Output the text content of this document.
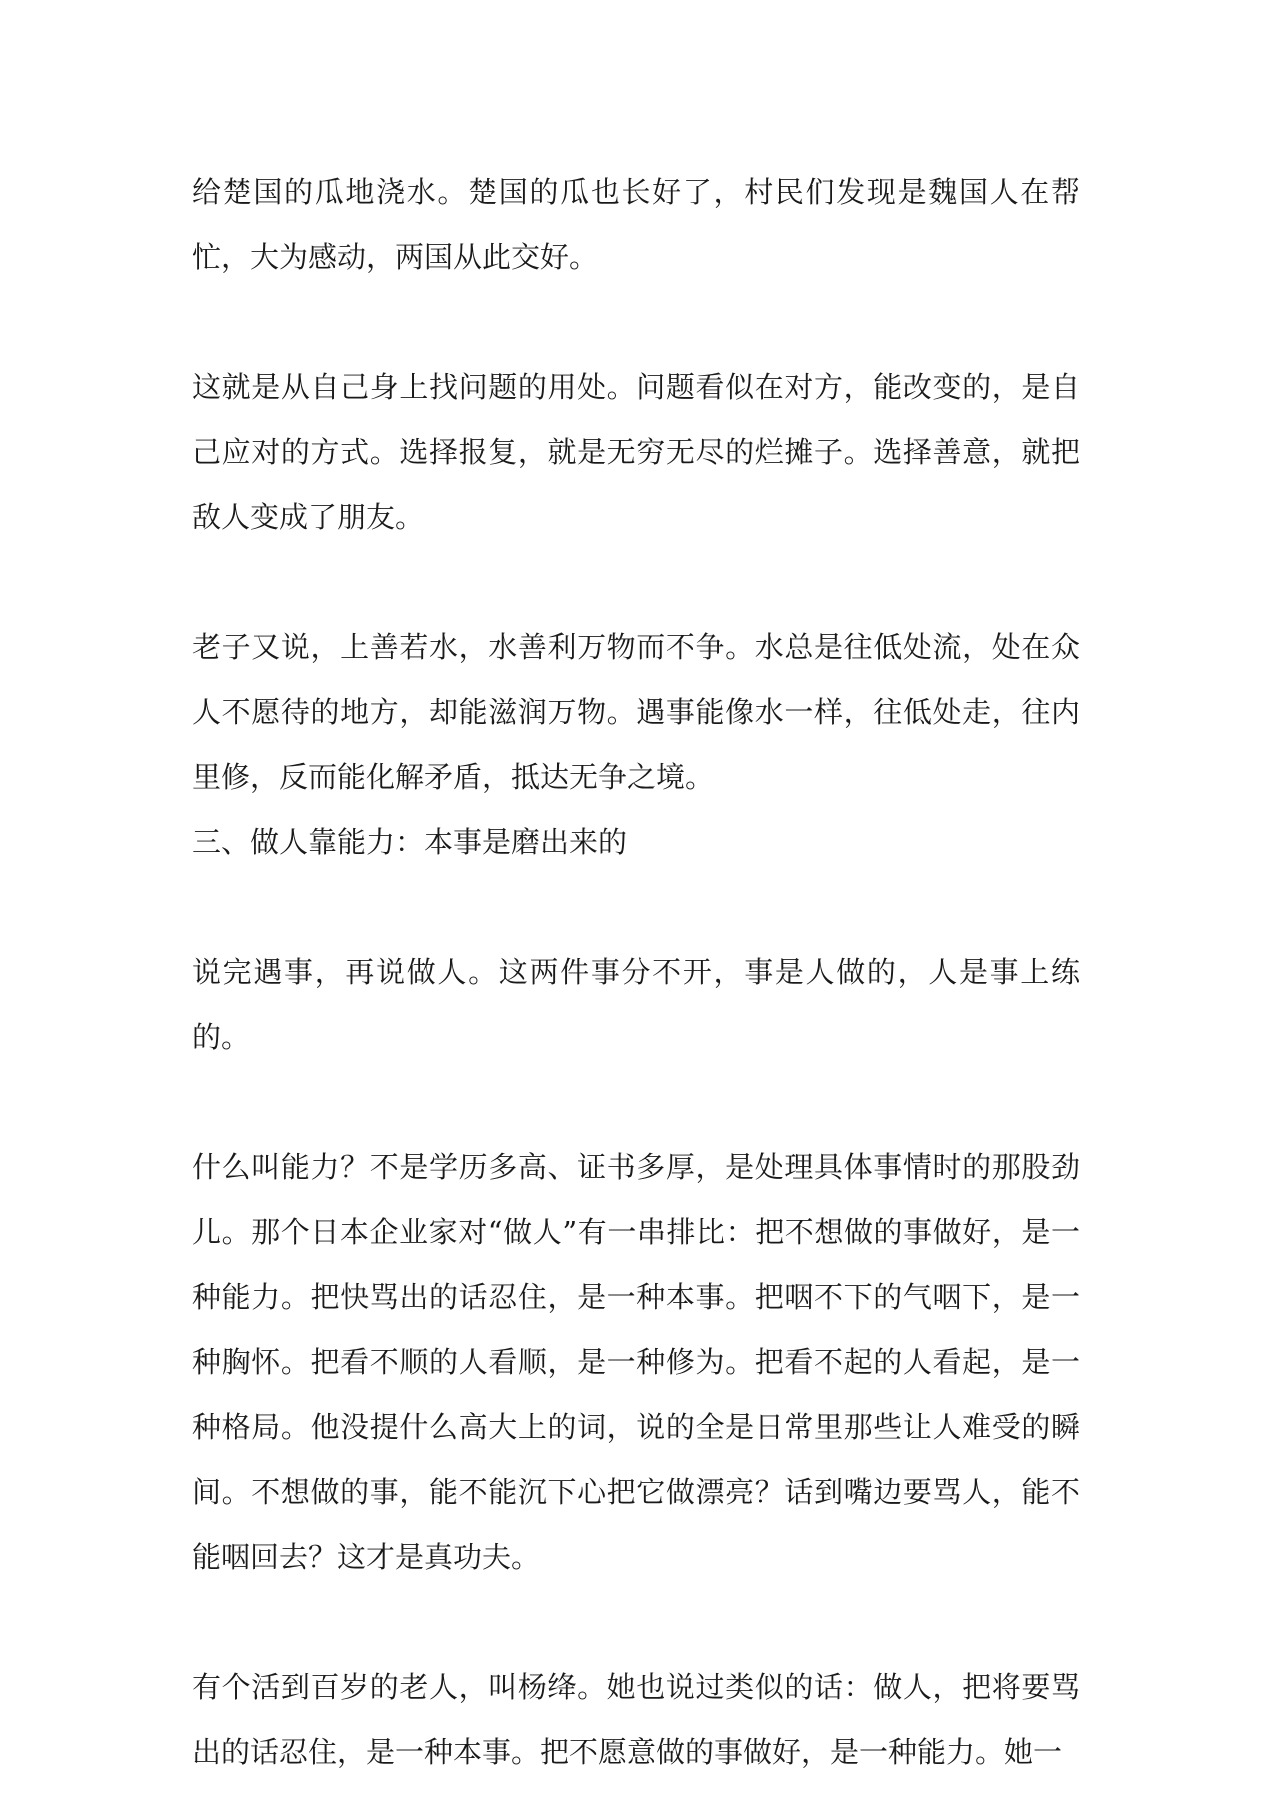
给楚国的瓜地浇水。楚国的瓜也长好了，村民们发现是魏国人在帮忙，大为感动，两国从此交好。

这就是从自己身上找问题的用处。问题看似在对方，能改变的，是自己应对的方式。选择报复，就是无穷无尽的烂摊子。选择善意，就把敌人变成了朋友。

老子又说，上善若水，水善利万物而不争。水总是往低处流，处在众人不愿待的地方，却能滋润万物。遇事能像水一样，往低处走，往内里修，反而能化解矛盾，抵达无争之境。

三、做人靠能力：本事是磨出来的

说完遇事，再说做人。这两件事分不开，事是人做的，人是事上练的。

什么叫能力？不是学历多高、证书多厚，是处理具体事情时的那股劲儿。那个日本企业家对“做人”有一串排比：把不想做的事做好，是一种能力。把快骂出的话忍住，是一种本事。把咽不下的气咽下，是一种胸怀。把看不顺的人看顺，是一种修为。把看不起的人看起，是一种格局。他没提什么高大上的词，说的全是日常里那些让人难受的瞬间。不想做的事，能不能沉下心把它做漂亮？话到嘴边要骂人，能不能咽回去？这才是真功夫。

有个活到百岁的老人，叫杨绛。她也说过类似的话：做人，把将要骂出的话忍住，是一种本事。把不愿意做的事做好，是一种能力。她一
